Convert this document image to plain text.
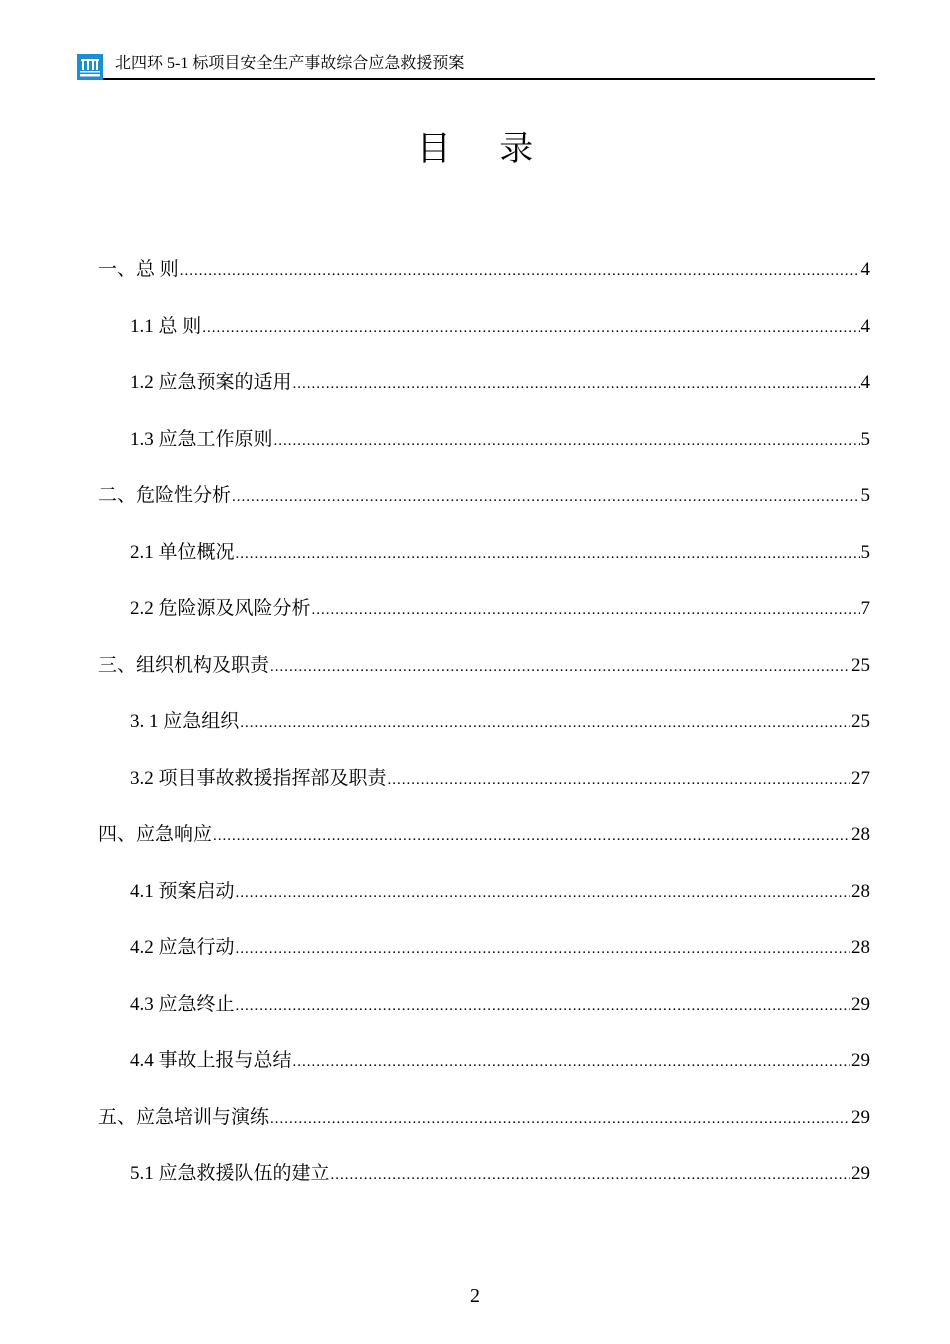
北四环 5-1 标项目安全生产事故综合应急救援预案
目 录
一、总 则 .....	4
1.1 总 则 .....	4
1.2 应急预案的适用 .....	4
1.3 应急工作原则 .....	5
二、危险性分析 .....	5
2.1 单位概况 .....	5
2.2 危险源及风险分析 .....	7
三、组织机构及职责 .....	25
3. 1 应急组织 .....	25
3.2 项目事故救援指挥部及职责 .....	27
四、应急响应 .....	28
4.1 预案启动 .....	28
4.2 应急行动 .....	28
4.3 应急终止 .....	29
4.4 事故上报与总结 .....	29
五、应急培训与演练 .....	29
5.1 应急救援队伍的建立 .....	29
2
